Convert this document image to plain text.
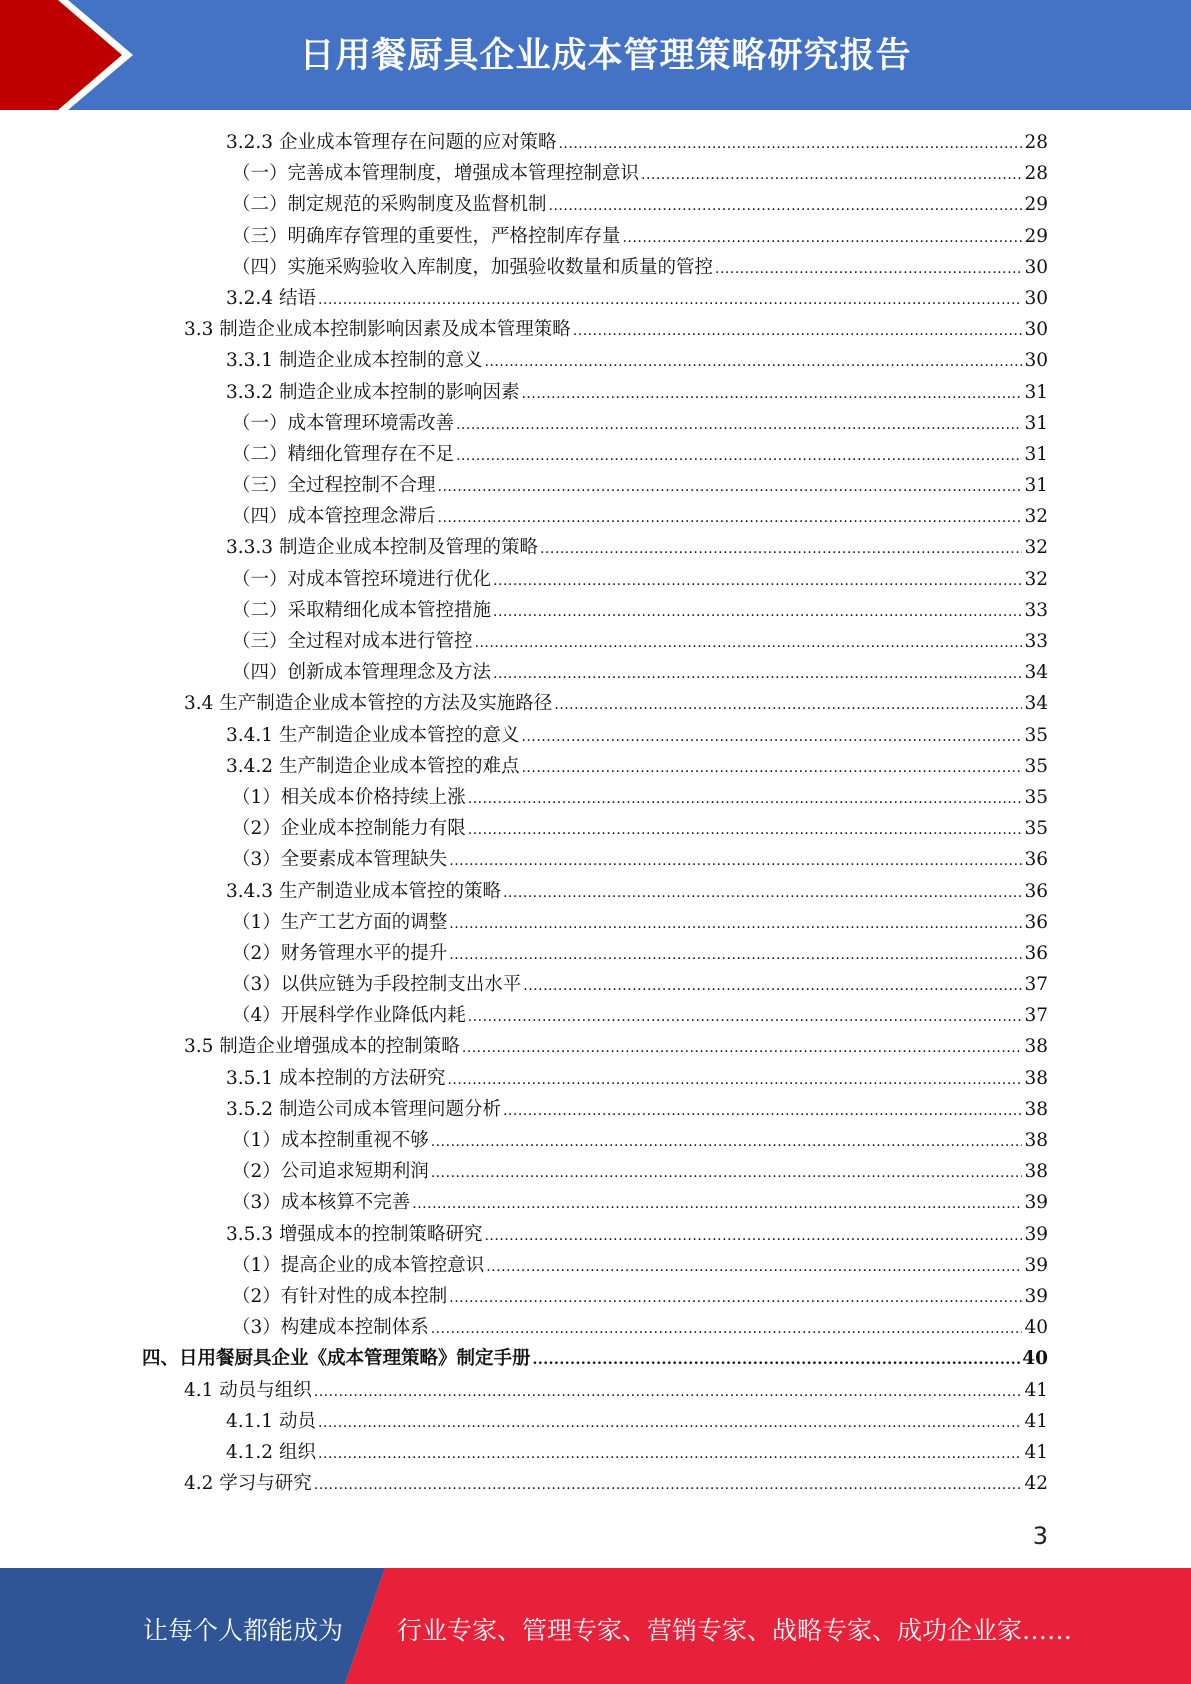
日用餐厨具企业成本管理策略研究报告
3.2.3 企业成本管理存在问题的应对策略 .....	28
（一）完善成本管理制度，增强成本管理控制意识 .....	28
（二）制定规范的采购制度及监督机制 .....	29
（三）明确库存管理的重要性，严格控制库存量 .....	29
（四）实施采购验收入库制度，加强验收数量和质量的管控 .....	30
3.2.4 结语 .....	30
3.3 制造企业成本控制影响因素及成本管理策略 .....	30
3.3.1 制造企业成本控制的意义 .....	30
3.3.2 制造企业成本控制的影响因素 .....	31
（一）成本管理环境需改善 .....	31
（二）精细化管理存在不足 .....	31
（三）全过程控制不合理 .....	31
（四）成本管控理念滞后 .....	32
3.3.3 制造企业成本控制及管理的策略 .....	32
（一）对成本管控环境进行优化 .....	32
（二）采取精细化成本管控措施 .....	33
（三）全过程对成本进行管控 .....	33
（四）创新成本管理理念及方法 .....	34
3.4 生产制造企业成本管控的方法及实施路径 .....	34
3.4.1 生产制造企业成本管控的意义 .....	35
3.4.2 生产制造企业成本管控的难点 .....	35
（1）相关成本价格持续上涨 .....	35
（2）企业成本控制能力有限 .....	35
（3）全要素成本管理缺失 .....	36
3.4.3 生产制造业成本管控的策略 .....	36
（1）生产工艺方面的调整 .....	36
（2）财务管理水平的提升 .....	36
（3）以供应链为手段控制支出水平 .....	37
（4）开展科学作业降低内耗 .....	37
3.5 制造企业增强成本的控制策略 .....	38
3.5.1 成本控制的方法研究 .....	38
3.5.2 制造公司成本管理问题分析 .....	38
（1）成本控制重视不够 .....	38
（2）公司追求短期利润 .....	38
（3）成本核算不完善 .....	39
3.5.3 增强成本的控制策略研究 .....	39
（1）提高企业的成本管控意识 .....	39
（2）有针对性的成本控制 .....	39
（3）构建成本控制体系 .....	40
四、日用餐厨具企业《成本管理策略》制定手册 .....	40
4.1 动员与组织 .....	41
4.1.1 动员 .....	41
4.1.2 组织 .....	41
4.2 学习与研究 .....	42
3
让每个人都能成为 行业专家、管理专家、营销专家、战略专家、成功企业家……
